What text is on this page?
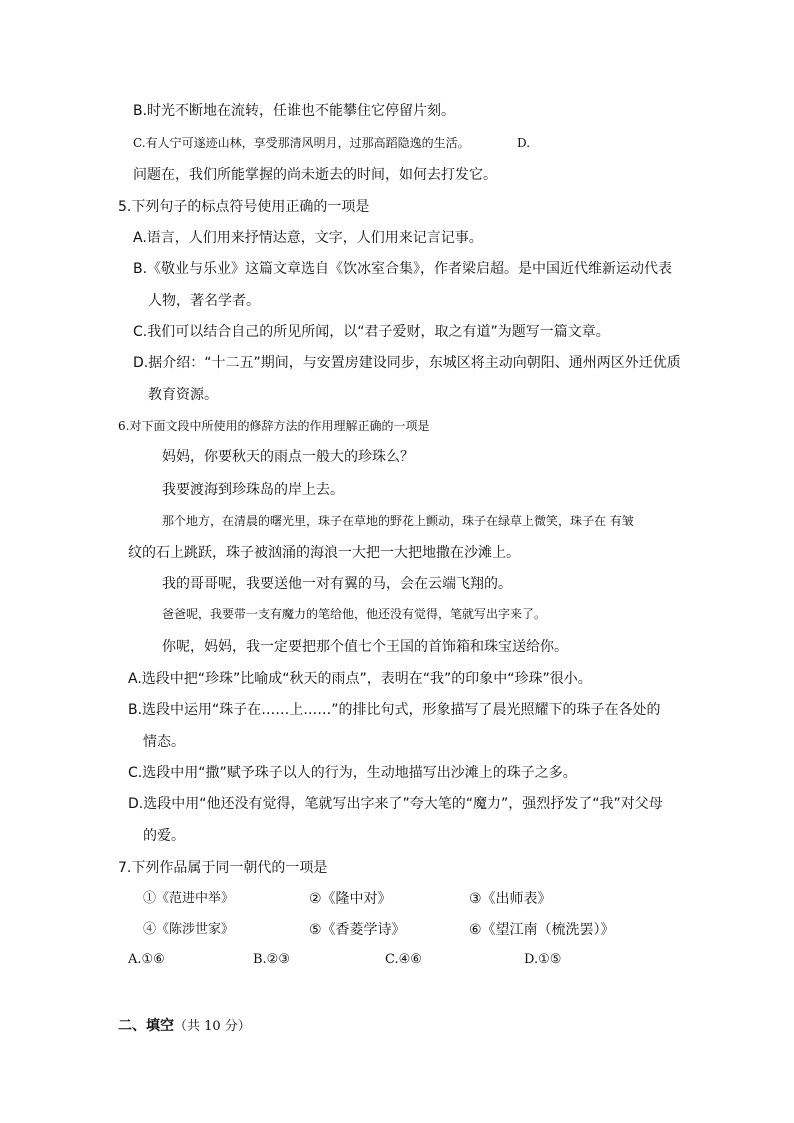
B.时光不断地在流转，任谁也不能攀住它停留片刻。
C.有人宁可遂迹山林，享受那清风明月，过那高蹈隐逸的生活。	D.
问题在，我们所能掌握的尚未逝去的时间，如何去打发它。
5.下列句子的标点符号使用正确的一项是
A.语言，人们用来抒情达意，文字，人们用来记言记事。
B.《敬业与乐业》这篇文章选自《饮冰室合集》，作者梁启超。是中国近代维新运动代表
人物，著名学者。
C.我们可以结合自己的所见所闻，以“君子爱财，取之有道”为题写一篇文章。
D.据介绍：“十二五”期间，与安置房建设同步，东城区将主动向朝阳、通州两区外迁优质
教育资源。
6.对下面文段中所使用的修辞方法的作用理解正确的一项是
妈妈，你要秋天的雨点一般大的珍珠么？
我要渡海到珍珠岛的岸上去。
那个地方，在清晨的曙光里，珠子在草地的野花上颤动，珠子在绿草上微笑，珠子在 有皱
纹的石上跳跃，珠子被汹涌的海浪一大把一大把地撒在沙滩上。
我的哥哥呢，我要送他一对有翼的马，会在云端飞翔的。
爸爸呢，我要带一支有魔力的笔给他，他还没有觉得，笔就写出字来了。
你呢，妈妈，我一定要把那个值七个王国的首饰箱和珠宝送给你。
A.选段中把“珍珠”比喻成“秋天的雨点”，表明在“我”的印象中“珍珠”很小。
B.选段中运用“珠子在……上……”的排比句式，形象描写了晨光照耀下的珠子在各处的
情态。
C.选段中用“撒”赋予珠子以人的行为，生动地描写出沙滩上的珠子之多。
D.选段中用“他还没有觉得，笔就写出字来了”夸大笔的“魔力”，强烈抒发了“我”对父母
的爱。
7.下列作品属于同一朝代的一项是
①《范进中举》	②《隆中对》	③《出师表》
④《陈涉世家》	⑤《香菱学诗》	⑥《望江南（梳洗罢）》
A.①⑥	B.②③	C.④⑥	D.①⑤
二、填空（共 10 分）
